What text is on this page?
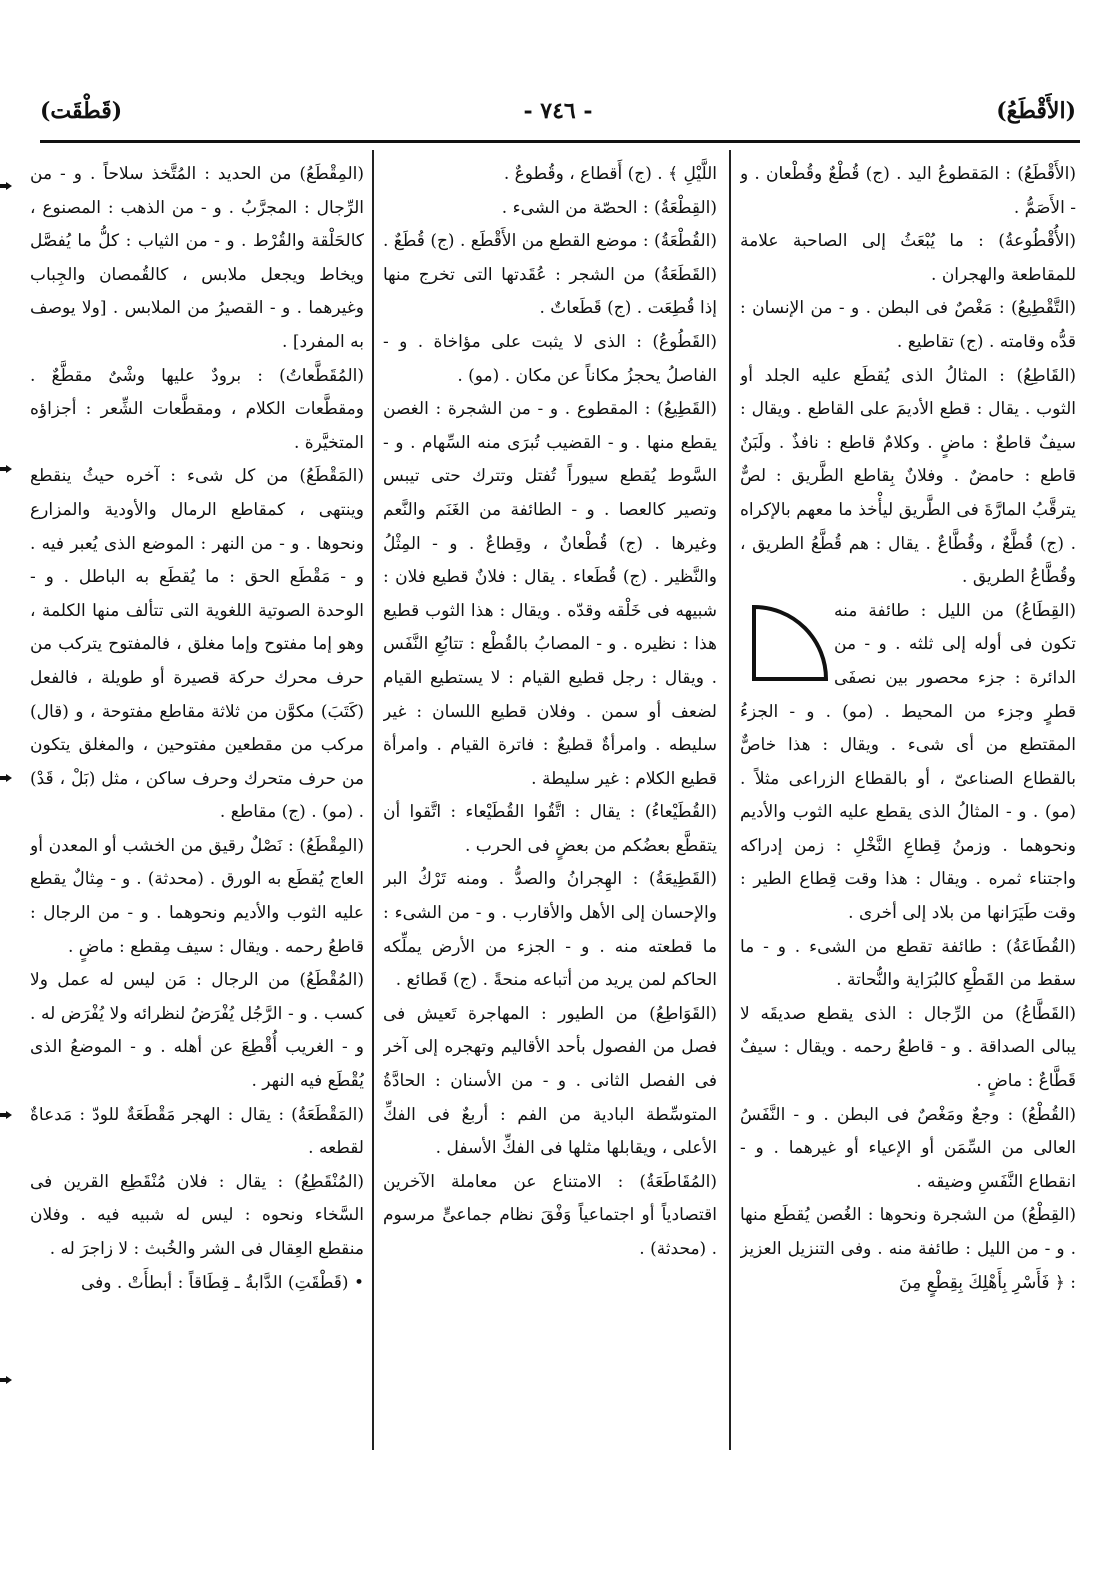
(الأَقْطَعُ)
- ٧٤٦ -
(قَطْقَت)

(الأَقْطَعُ) : المَقطوعُ اليد . (ج) قُطْعٌ وقُطْعان . و - الأَصَمُّ .

(الأُقْطُوعةُ) : ما يُبْعَثُ إلى الصاحبة علامة للمقاطعة والهجران .

(التَّقْطِيعُ) : مَغْصٌ فى البطن . و - من الإنسان : قدُّه وقامته . (ج) تقاطيع .

(القَاطِعُ) : المثالُ الذى يُقطَع عليه الجلد أو الثوب . يقال : قطع الأديمَ على القاطع . ويقال : سيفٌ قاطعٌ : ماضٍ . وكلامٌ قاطع : نافذٌ . ولَبَنٌ قاطع : حامضٌ . وفلانٌ بِقاطع الطَّريق : لصٌّ يترقَّبُ المارَّةَ فى الطَّريق ليأْخذ ما معهم بالإكراه . (ج) قُطَّعٌ ، وقُطَّاعٌ . يقال : هم قُطَّعُ الطريق ، وقُطَّاعُ الطريق .

(القِطَاعُ) من الليل : طائفة منه تكون فى أوله إلى ثلثه . و - من الدائرة : جزء محصور بين نصفَى قطرٍ وجزء من المحيط . (مو) . و - الجزءُ المقتطع من أى شىء . ويقال : هذا خاصٌّ بالقطاع الصناعىّ ، أو بالقطاع الزراعى مثلاً . (مو) . و - المثالُ الذى يقطع عليه الثوب والأديم ونحوهما . وزمنُ قِطاعِ النَّخْلِ : زمن إدراكه واجتناء ثمره . ويقال : هذا وقت قِطاع الطير : وقت طَيَرَانها من بلاد إلى أخرى .

(القُطَاعَةُ) : طائفة تقطع من الشىء . و - ما سقط من القَطْعِ كالبُرَاية والنُّحاتة .

(القَطَّاعُ) من الرِّجال : الذى يقطع صديقَه لا يبالى الصداقة . و - قاطعُ رحمه . ويقال : سيفٌ قَطَّاعٌ : ماضٍ .

(القُطْعُ) : وجعٌ ومَغْصٌ فى البطن . و - النَّفَسُ العالى من السِّمَن أو الإعياء أو غيرهما . و - انقطاع النَّفَسِ وضيقه .

(القِطْعُ) من الشجرة ونحوها : الغُصن يُقطَع منها . و - من الليل : طائفة منه . وفى التنزيل العزيز : ﴿ فَأَسْرِ بِأَهْلِكَ بِقِطْعٍ مِنَ

اللَّيْلِ ﴾ . (ج) أَقطاع ، وقُطوعٌ .

(القِطْعَةُ) : الحصّة من الشىء .

(القُطْعَةُ) : موضع القطع من الأَقْطَع . (ج) قُطَعٌ .

(القَطَعَةُ) من الشجر : عُقَدتها التى تخرج منها إذا قُطِعَت . (ج) قَطَعاتٌ .

(القَطُوعُ) : الذى لا يثبت على مؤاخاة . و - الفاصلُ يحجزُ مكاناً عن مكان . (مو) .

(القَطِيعُ) : المقطوع . و - من الشجرة : الغصن يقطع منها . و - القضيب تُبرَى منه السِّهام . و - السَّوط يُقطع سيوراً تُفتل وتترك حتى تيبس وتصير كالعصا . و - الطائفة من الغَنَم والنَّعم وغيرها . (ج) قُطْعانٌ ، وقِطاعٌ . و - المِثْلُ والنَّظير . (ج) قُطَعاء . يقال : فلانٌ قطيع فلان : شبيهه فى خَلْقه وقدّه . ويقال : هذا الثوب قطيع هذا : نظيره . و - المصابُ بالقُطْع : تتابُعِ النَّفَس . ويقال : رجل قطيع القيام : لا يستطيع القيام لضعف أو سمن . وفلان قطيع اللسان : غير سليطه . وامرأةٌ قطيعٌ : فاترة القيام . وامرأة قطيع الكلام : غير سليطة .

(القُطَيْعاءُ) : يقال : اتَّقُوا القُطَيْعاء : اتَّقوا أن يتقطَّع بعضُكم من بعضٍ فى الحرب .

(القَطِيعَةُ) : الهِجرانُ والصدُّ . ومنه تَرْكُ البر والإحسان إلى الأهل والأقارب . و - من الشىء : ما قطعته منه . و - الجزء من الأرض يملِّكه الحاكم لمن يريد من أتباعه منحةً . (ج) قَطائع .

(القَوَاطِعُ) من الطيور : المهاجرة تَعيش فى فصل من الفصول بأحد الأقاليم وتهجره إلى آخر فى الفصل الثانى . و - من الأسنان : الحادَّةُ المتوسِّطة البادية من الفم : أربعٌ فى الفكِّ الأعلى ، ويقابلها مثلها فى الفكِّ الأسفل .

(المُقَاطَعَةُ) : الامتناع عن معاملة الآخرين اقتصادياً أو اجتماعياً وَفْقَ نظام جماعىٍّ مرسوم . (محدثة) .

(المِقْطَعُ) من الحديد : المُتَّخذ سلاحاً . و - من الرِّجال : المجرَّبُ . و - من الذهب : المصنوع ، كالحَلْقة والقُرْط . و - من الثياب : كلُّ ما يُفصَّل ويخاط ويجعل ملابس ، كالقُمصان والجِباب وغيرهما . و - القصيرُ من الملابس . [ولا يوصف به المفرد] .

(المُقَطَّعاتُ) : برودٌ عليها وشْىٌ مقطَّعٌ . ومقطَّعات الكلام ، ومقطَّعات الشِّعر : أجزاؤه المتخيَّرة .

(المَقْطَعُ) من كل شىء : آخره حيثُ ينقطع وينتهى ، كمقاطع الرمال والأودية والمزارع ونحوها . و - من النهر : الموضع الذى يُعبر فيه . و - مَقْطَع الحق : ما يُقطَع به الباطل . و - الوحدة الصوتية اللغوية التى تتألف منها الكلمة ، وهو إما مفتوح وإما مغلق ، فالمفتوح يتركب من حرف محرك حركة قصيرة أو طويلة ، فالفعل (كَتَبَ) مكوَّن من ثلاثة مقاطع مفتوحة ، و (قال) مركب من مقطعين مفتوحين ، والمغلق يتكون من حرف متحرك وحرف ساكن ، مثل (بَلْ ، قَدْ) . (مو) . (ج) مقاطع .

(المِقْطَعُ) : نَصْلٌ رقيق من الخشب أو المعدن أو العاج يُقطَع به الورق . (محدثة) . و - مِثالٌ يقطع عليه الثوب والأديم ونحوهما . و - من الرجال : قاطعُ رحمه . ويقال : سيف مِقطع : ماضٍ .

(المُقْطَعُ) من الرجال : مَن ليس له عمل ولا كسب . و - الرَّجُل يُفْرَضُ لنظرائه ولا يُفْرَض له . و - الغريب أُقْطِعَ عن أهله . و - الموضعُ الذى يُقْطَع فيه النهر .

(المَقْطَعَةُ) : يقال : الهجر مَقْطَعَةٌ للودّ : مَدعاةٌ لقطعه .

(المُنْقَطِعُ) : يقال : فلان مُنْقَطِع القرين فى السَّخاء ونحوه : ليس له شبيه فيه . وفلان منقطع العِقال فى الشر والخُبث : لا زاجرَ له .

• (قَطْقَتِ) الدَّابةُ ـ قِطَاقاً : أبطأَتْ . وفى
